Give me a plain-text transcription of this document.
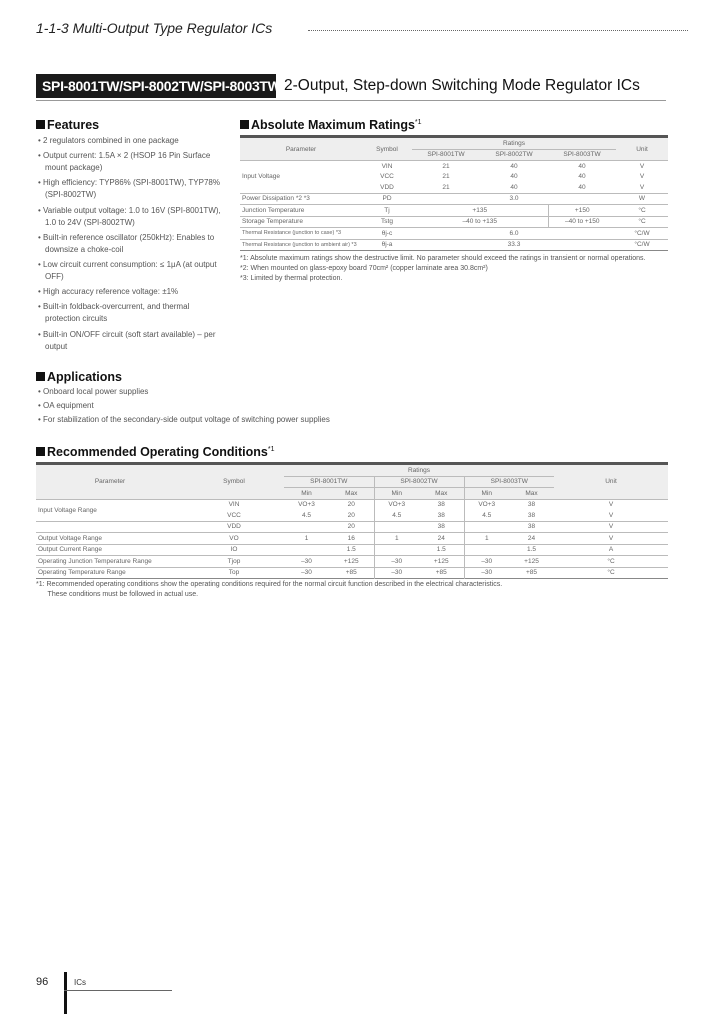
1-1-3 Multi-Output Type Regulator ICs
SPI-8001TW/SPI-8002TW/SPI-8003TW 2-Output, Step-down Switching Mode Regulator ICs
Features
• 2 regulators combined in one package
• Output current: 1.5A × 2 (HSOP 16 Pin Surface mount package)
• High efficiency: TYP86% (SPI-8001TW), TYP78% (SPI-8002TW)
• Variable output voltage: 1.0 to 16V (SPI-8001TW), 1.0 to 24V (SPI-8002TW)
• Built-in reference oscillator (250kHz): Enables to downsize a choke-coil
• Low circuit current consumption: ≤ 1μA (at output OFF)
• High accuracy reference voltage: ±1%
• Built-in foldback-overcurrent, and thermal protection circuits
• Built-in ON/OFF circuit (soft start available) – per output
Applications
• Onboard local power supplies
• OA equipment
• For stabilization of the secondary-side output voltage of switching power supplies
Absolute Maximum Ratings$^{*1}$
Parameter	Symbol	Ratings			Unit
		SPI-8001TW	SPI-8002TW	SPI-8003TW	
Input Voltage	VIN	21	40	40	V
	VCC	21	40	40	V
	VDD	21	40	40	V
Power Dissipation *2 *3	PD	3.0			W
Junction Temperature	Tj	+135		+150	°C
Storage Temperature	Tstg	–40 to +135		–40 to +150	°C
Thermal Resistance (junction to case) *3	θj-c	6.0			°C/W
Thermal Resistance (junction to ambient air) *3	θj-a	33.3			°C/W
*1: Absolute maximum ratings show the destructive limit. No parameter should exceed the ratings in transient or normal operations.
*2: When mounted on glass-epoxy board 70cm² (copper laminate area 30.8cm²)
*3: Limited by thermal protection.
Recommended Operating Conditions$^{*1}$
Parameter	Symbol	Ratings						Unit
		SPI-8001TW		SPI-8002TW		SPI-8003TW		
		Min	Max	Min	Max	Min	Max	
Input Voltage Range	VIN	VO+3	20	VO+3	38	VO+3	38	V
	VCC	4.5	20	4.5	38	4.5	38	V
	VDD		20		38		38	V
Output Voltage Range	VO	1	16	1	24	1	24	V
Output Current Range	IO		1.5		1.5		1.5	A
Operating Junction Temperature Range	Tjop	–30	+125	–30	+125	–30	+125	°C
Operating Temperature Range	Top	–30	+85	–30	+85	–30	+85	°C
*1: Recommended operating conditions show the operating conditions required for the normal circuit function described in the electrical characteristics.
These conditions must be followed in actual use.
96	ICs
